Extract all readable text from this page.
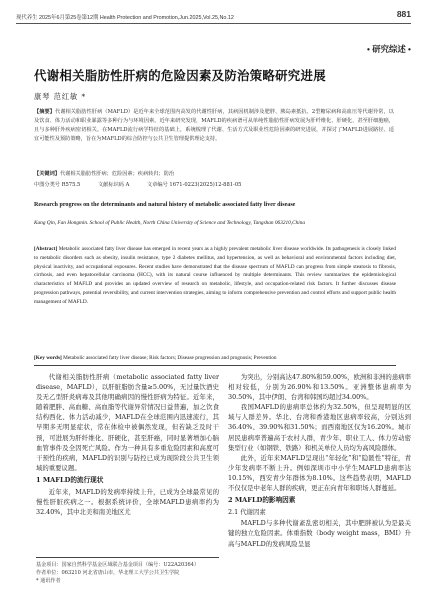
现代养生 2025年6月第25卷第12期 Health Protection and Promotion,Jun.2025,Vol.25,No.12	881
• 研究综述 •
代谢相关脂肪性肝病的危险因素及防治策略研究进展
康琴 范红敏 *
【摘要】代谢相关脂肪性肝病（MAFLD）是近年来全球范围内高发的代谢性肝病，其病因机制涉及肥胖、胰岛素抵抗、2型糖尿病和高血压等代谢异常，以及饮食、体力活动和职业暴露等多种行为与环境因素。近年来研究发现，MAFLD的疾病谱可从单纯性脂肪性肝病发展为肝纤维化、肝硬化，甚至肝细胞癌，且与多种肝外疾病密切相关。在MAFLD流行病学特征的基础上，系统梳理了代谢、生活方式及职业性危险因素的研究进展，并探讨了MAFLD进展路径、适宜可能性及预防策略，旨在为MAFLD的综合防控与公共卫生管理提供理论支持。
【关键词】代谢相关脂肪性肝病；危险因素；疾病转归；防治
中图分类号 R575.5	文献标识码 A	文章编号 1671-0223(2025)12-881-05
Research progress on the determinants and natural history of metabolic associated fatty liver disease
Kang Qin, Fan Hongmin. School of Public Health, North China University of Science and Technology, Tangshan 063210,China
[Abstract] Metabolic associated fatty liver disease has emerged in recent years as a highly prevalent metabolic liver disease worldwide. Its pathogenesis is closely linked to metabolic disorders such as obesity, insulin resistance, type 2 diabetes mellitus, and hypertension, as well as behavioral and environmental factors including diet, physical inactivity, and occupational exposures. Recent studies have demonstrated that the disease spectrum of MAFLD can progress from simple steatosis to fibrosis, cirrhosis, and even hepatocellular carcinoma (HCC), with its natural course influenced by multiple determinants. This review summarizes the epidemiological characteristics of MAFLD and provides an updated overview of research on metabolic, lifestyle, and occupation-related risk factors. It further discusses disease progression pathways, potential reversibility, and current intervention strategies, aiming to inform comprehensive prevention and control efforts and support public health management of MAFLD.
[Key words] Metabolic associated fatty liver disease; Risk factors; Disease progression and prognosis; Prevention

代谢相关脂肪性肝病（metabolic associated fatty liver disease，MAFLD），以肝脏脂肪含量≥5.00%，无过量饮酒史及无乙型肝炎病毒及其他明确病因的慢性肝病为特征。近年来，随着肥胖、高血糖、高血脂等代谢异常情况日益普遍，加之饮食结构西化、体力活动减少，MAFLD在全球范围内迅速流行，其早期多无明显症状，常在体检中被偶然发现，但若缺乏及时干预，可进展为肝纤维化、肝硬化，甚至肝癌，同时显著增加心脑血管事件及全因死亡风险。作为一种具有多重危险因素和高度可干预性的疾病，MAFLD的识别与防控已成为现阶段公共卫生领域的重要议题。

1 MAFLD的流行现状

近年来，MAFLD的发病率持续上升，已成为全球最常见的慢性肝脏疾病之一。根据系统评价，全球MAFLD患病率约为32.40%，其中北美和南美地区尤

基金项目：国家自然科学基金区域联合基金项目（编号：U22A20364）
作者单位：063210 河北省唐山市，华北理工大学公共卫生学院
* 通讯作者

为突出，分别高达47.80%和59.00%，欧洲和非洲的患病率相对较低，分别为26.90%和13.50%。亚洲整体患病率为30.50%，其中伊朗、台湾和韩国均超过34.00%。

我国MAFLD的患病率总体约为32.50%，但呈现明显的区域与人群差异。华北、台湾和香港地区患病率较高，分别达到36.40%、39.90%和31.50%；而西南地区仅为16.20%。城市居民患病率普遍高于农村人群，青少年、职业工人、体力劳动密集型行业（如钢铁、铁路）和机关单位人员均为高风险群体。

此外，近年来MAFLD呈现出“年轻化”和“隐匿性”特征，青少年发病率不断上升。例如深圳市中小学生MAFLD患病率达10.15%，西安青少年群体为8.10%。这些趋势表明，MAFLD不仅仅是中老年人群的疾病，更正在向青年和职场人群蔓延。

2 MAFLD的影响因素
2.1 代谢因素

MAFLD与多种代谢紊乱密切相关，其中肥胖被认为是最关键的独立危险因素。体重指数（body weight mass，BMI）升高与MAFLD的发病风险呈显
